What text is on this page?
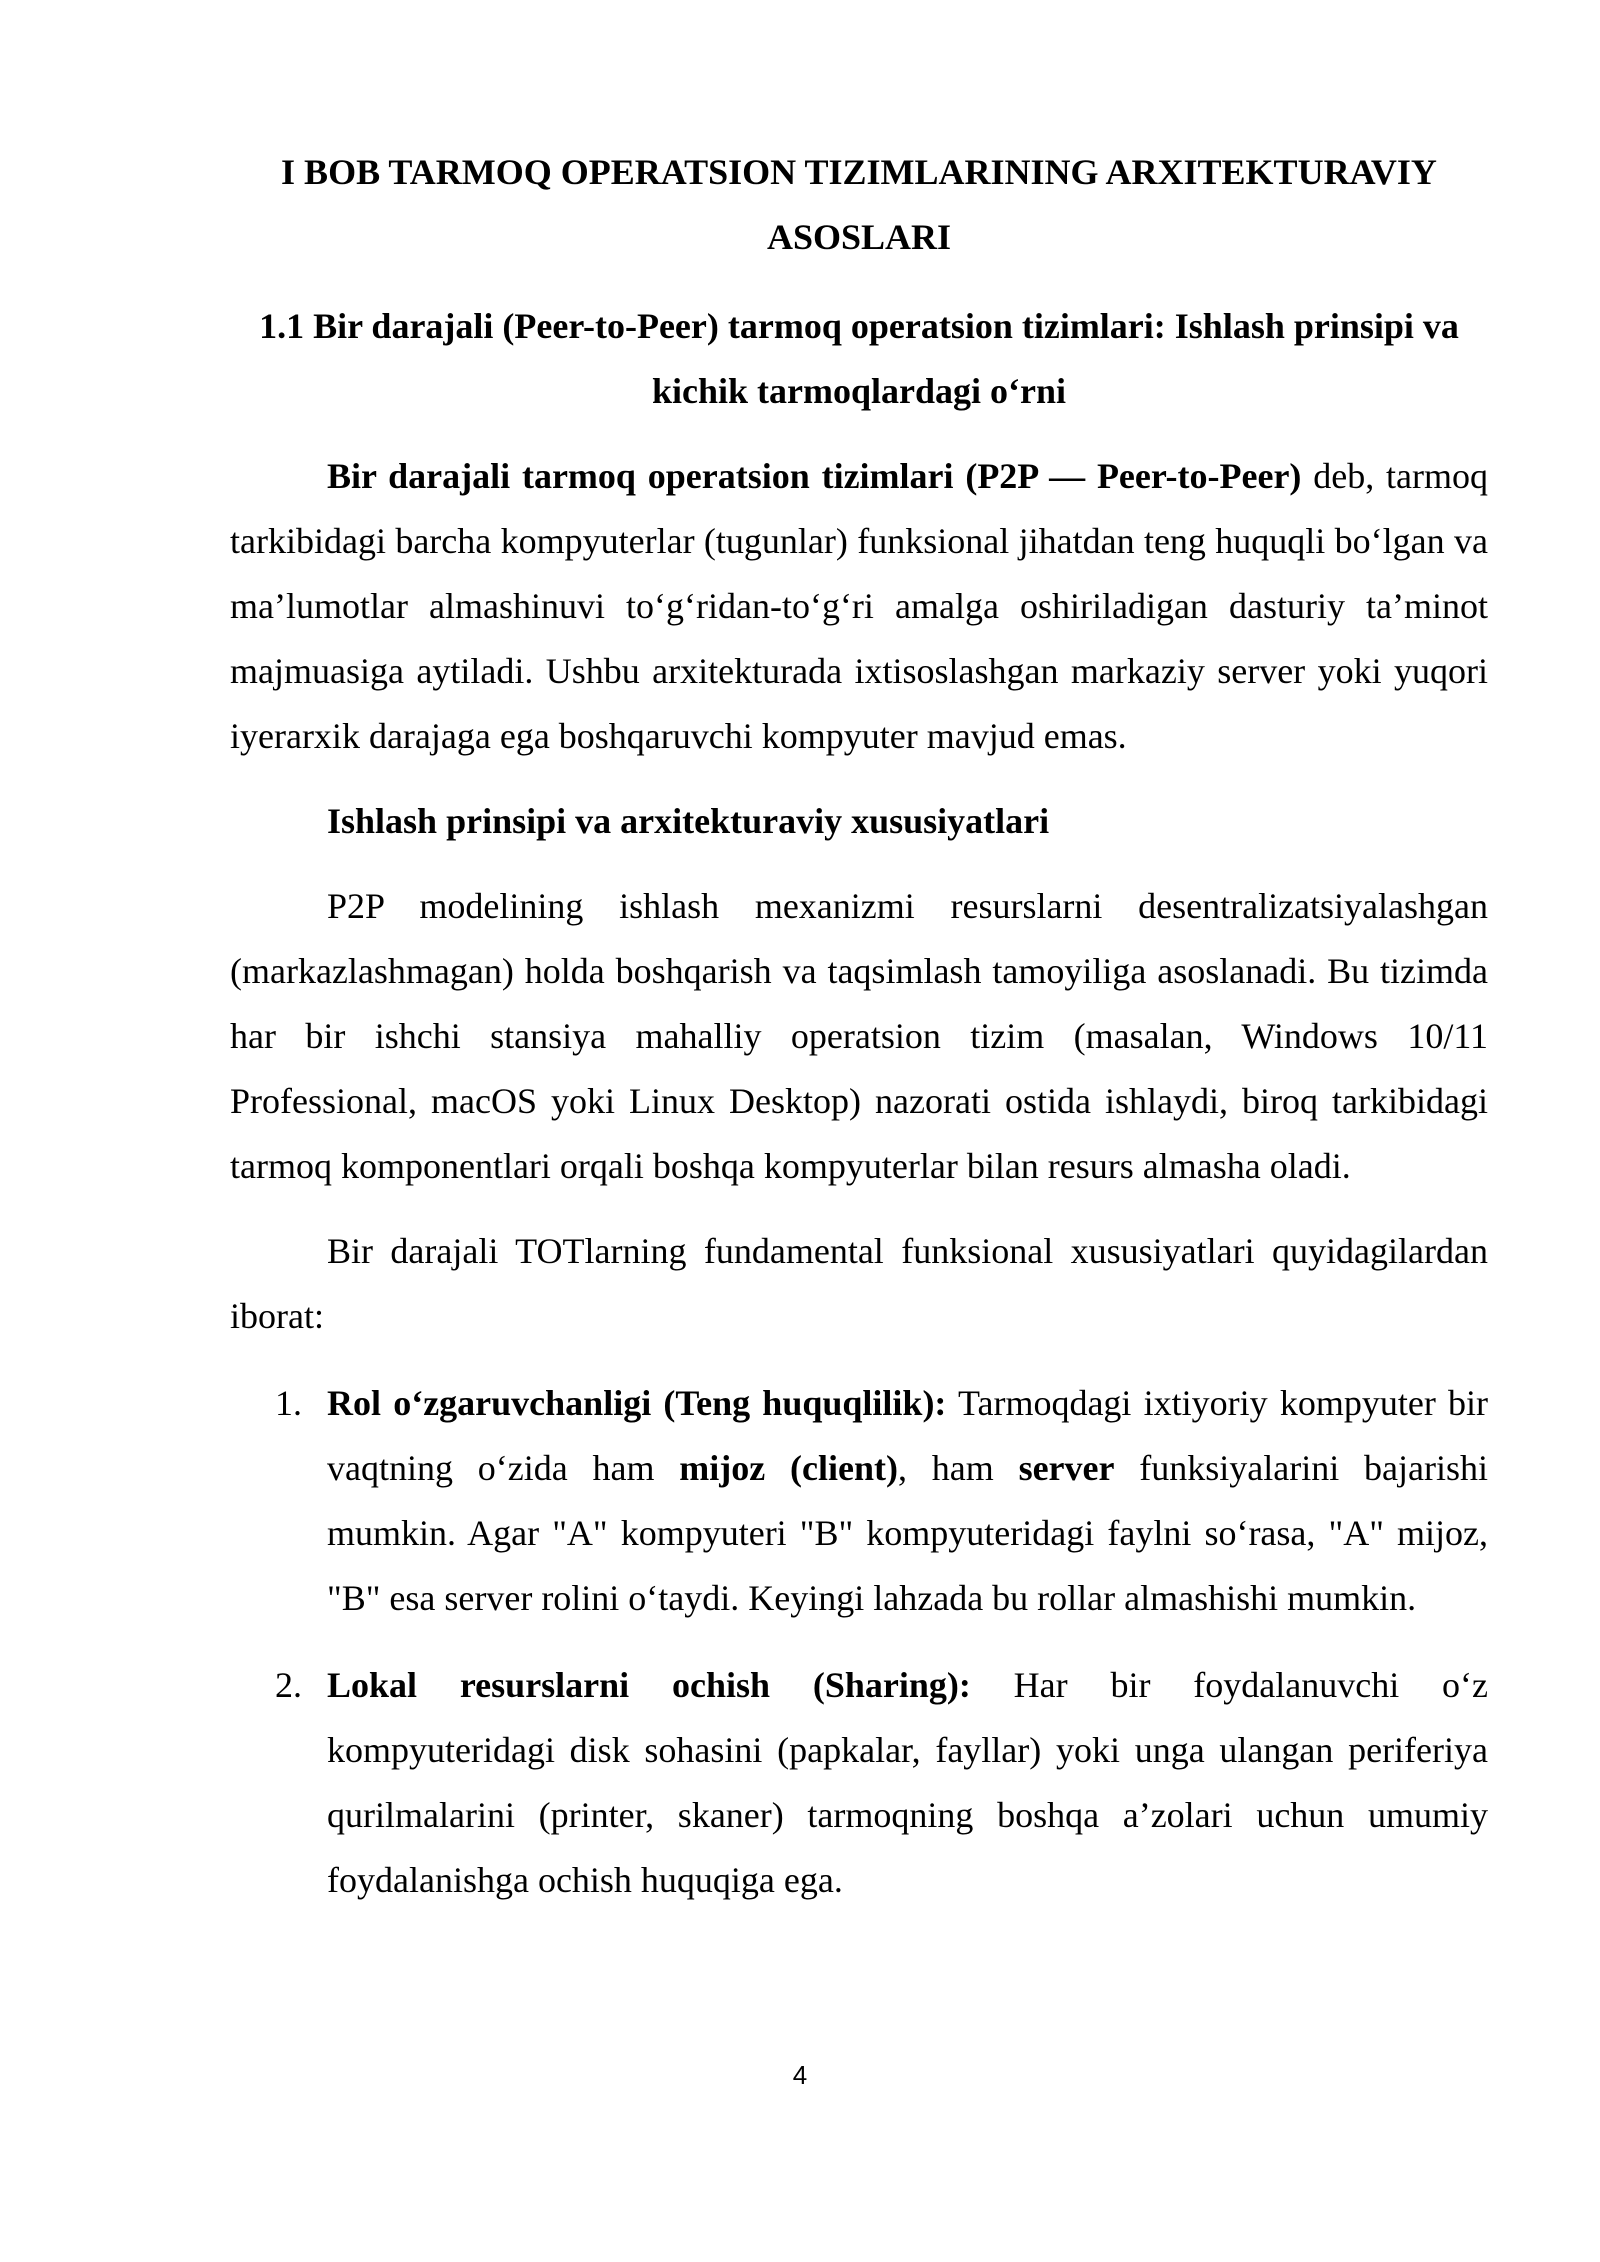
I BOB TARMOQ OPERATSION TIZIMLARINING ARXITEKTURAVIY ASOSLARI
1.1 Bir darajali (Peer-to-Peer) tarmoq operatsion tizimlari: Ishlash prinsipi va kichik tarmoqlardagi o‘rni

Bir darajali tarmoq operatsion tizimlari (P2P — Peer-to-Peer) deb, tarmoq tarkibidagi barcha kompyuterlar (tugunlar) funksional jihatdan teng huquqli bo‘lgan va ma’lumotlar almashinuvi to‘g‘ridan-to‘g‘ri amalga oshiriladigan dasturiy ta’minot majmuasiga aytiladi. Ushbu arxitekturada ixtisoslashgan markaziy server yoki yuqori iyerarxik darajaga ega boshqaruvchi kompyuter mavjud emas.

Ishlash prinsipi va arxitekturaviy xususiyatlari

P2P modelining ishlash mexanizmi resurslarni desentralizatsiyalashgan (markazlashmagan) holda boshqarish va taqsimlash tamoyiliga asoslanadi. Bu tizimda har bir ishchi stansiya mahalliy operatsion tizim (masalan, Windows 10/11 Professional, macOS yoki Linux Desktop) nazorati ostida ishlaydi, biroq tarkibidagi tarmoq komponentlari orqali boshqa kompyuterlar bilan resurs almasha oladi.

Bir darajali TOTlarning fundamental funksional xususiyatlari quyidagilardan iborat:

1. Rol o‘zgaruvchanligi (Teng huquqlilik): Tarmoqdagi ixtiyoriy kompyuter bir vaqtning o‘zida ham mijoz (client), ham server funksiyalarini bajarishi mumkin. Agar "A" kompyuteri "B" kompyuteridagi faylni so‘rasa, "A" mijoz, "B" esa server rolini o‘taydi. Keyingi lahzada bu rollar almashishi mumkin.
2. Lokal resurslarni ochish (Sharing): Har bir foydalanuvchi o‘z kompyuteridagi disk sohasini (papkalar, fayllar) yoki unga ulangan periferiya qurilmalarini (printer, skaner) tarmoqning boshqa a’zolari uchun umumiy foydalanishga ochish huquqiga ega.
4
